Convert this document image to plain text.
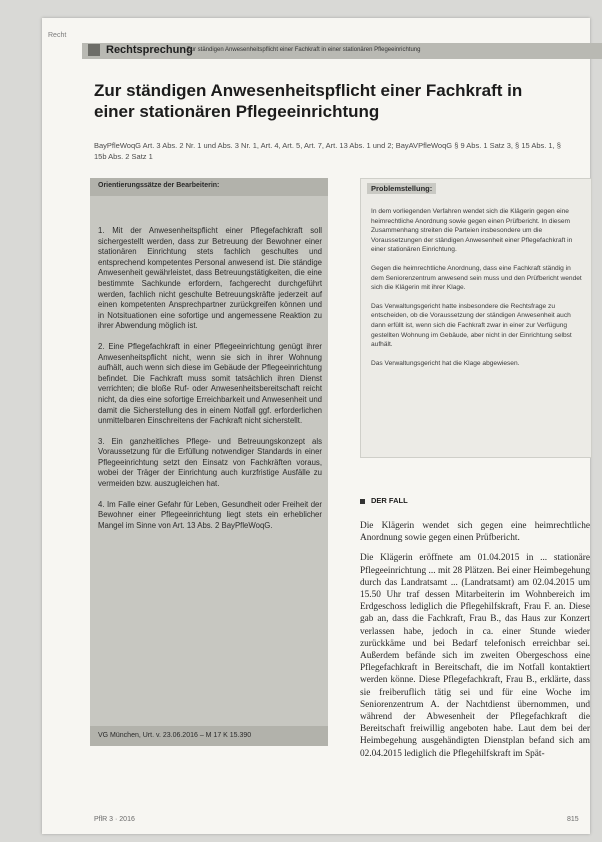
Recht
Rechtsprechung
Zur ständigen Anwesenheitspflicht einer Fachkraft in einer stationären Pflegeeinrichtung
Zur ständigen Anwesenheitspflicht einer Fachkraft in einer stationären Pflegeeinrichtung
BayPfleWoqG Art. 3 Abs. 2 Nr. 1 und Abs. 3 Nr. 1, Art. 4, Art. 5, Art. 7, Art. 13 Abs. 1 und 2; BayAVPfleWoqG § 9 Abs. 1 Satz 3, § 15 Abs. 1, § 15b Abs. 2 Satz 1
Orientierungssätze der Bearbeiterin:

1. Mit der Anwesenheitspflicht einer Pflegefachkraft soll sichergestellt werden, dass zur Betreuung der Bewohner einer stationären Einrichtung stets fachlich geschultes und entsprechend kompetentes Personal anwesend ist. Die ständige Anwesenheit gewährleistet, dass Betreuungstätigkeiten, die eine bestimmte Sachkunde erfordern, fachgerecht durchgeführt werden, fachlich nicht geschulte Betreuungskräfte jederzeit auf einen kompetenten Ansprechpartner zurückgreifen können und in Notsituationen eine sofortige und angemessene Reaktion zu ihrer Abwendung möglich ist.

2. Eine Pflegefachkraft in einer Pflegeeinrichtung genügt ihrer Anwesenheitspflicht nicht, wenn sie sich in ihrer Wohnung aufhält, auch wenn sich diese im Gebäude der Pflegeeinrichtung befindet. Die Fachkraft muss somit tatsächlich ihren Dienst verrichten; die bloße Ruf- oder Anwesenheitsbereitschaft reicht nicht, da dies eine sofortige Erreichbarkeit und Anwesenheit und damit die Sicherstellung des in einem Notfall ggf. erforderlichen unmittelbaren Einschreitens der Fachkraft nicht sicherstellt.

3. Ein ganzheitliches Pflege- und Betreuungskonzept als Voraussetzung für die Erfüllung notwendiger Standards in einer Pflegeeinrichtung setzt den Einsatz von Fachkräften voraus, wobei der Träger der Einrichtung auch kurzfristige Ausfälle zu vermeiden bzw. auszugleichen hat.

4. Im Falle einer Gefahr für Leben, Gesundheit oder Freiheit der Bewohner einer Pflegeeinrichtung liegt stets ein erheblicher Mangel im Sinne von Art. 13 Abs. 2 BayPfleWoqG.

VG München, Urt. v. 23.06.2016 – M 17 K 15.390
Problemstellung:

In dem vorliegenden Verfahren wendet sich die Klägerin gegen eine heimrechtliche Anordnung sowie gegen einen Prüfbericht. In diesem Zusammenhang streiten die Parteien insbesondere um die Voraussetzungen der ständigen Anwesenheit einer Pflegefachkraft in einer stationären Einrichtung.

Gegen die heimrechtliche Anordnung, dass eine Fachkraft ständig in dem Seniorenzentrum anwesend sein muss und den Prüfbericht wendet sich die Klägerin mit ihrer Klage.

Das Verwaltungsgericht hatte insbesondere die Rechtsfrage zu entscheiden, ob die Voraussetzung der ständigen Anwesenheit auch dann erfüllt ist, wenn sich die Fachkraft zwar in einer zur Verfügung gestellten Wohnung im Gebäude, aber nicht in der Einrichtung selbst aufhält.

Das Verwaltungsgericht hat die Klage abgewiesen.

DER FALL

Die Klägerin wendet sich gegen eine heimrechtliche Anordnung sowie gegen einen Prüfbericht.

Die Klägerin eröffnete am 01.04.2015 in ... stationäre Pflegeeinrichtung ... mit 28 Plätzen. Bei einer Heimbegehung durch das Landratsamt ... (Landratsamt) am 02.04.2015 um 15.50 Uhr traf dessen Mitarbeiterin im Wohnbereich im Erdgeschoss lediglich die Pflegehilfskraft, Frau F. an. Diese gab an, dass die Fachkraft, Frau B., das Haus zur Konzert verlassen habe, jedoch in ca. einer Stunde wieder zurückkäme und bei Bedarf telefonisch erreichbar sei. Außerdem befände sich im zweiten Obergeschoss eine Pflegefachkraft in Bereitschaft, die im Notfall kontaktiert werden könne. Diese Pflegefachkraft, Frau B., erklärte, dass sie freiberuflich tätig sei und für eine Woche im Seniorenzentrum A. der Nachtdienst übernommen, und während der Abwesenheit der Pflegefachkraft die Bereitschaft freiwillig angeboten habe. Laut dem bei der Heimbegehung ausgehändigten Dienstplan befand sich am 02.04.2015 lediglich die Pflegehilfskraft im Spät-

PflR 3 · 2016	815
